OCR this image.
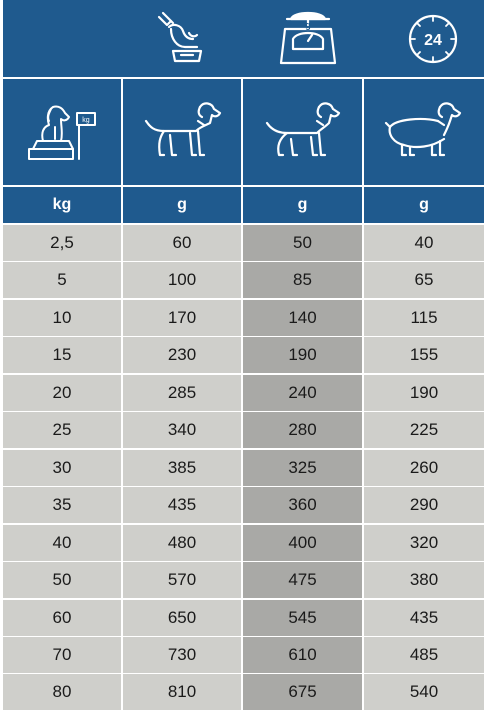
g
24
kg
kg	g	g	g
2,5	60	50	40
5	100	85	65
10	170	140	115
15	230	190	155
20	285	240	190
25	340	280	225
30	385	325	260
35	435	360	290
40	480	400	320
50	570	475	380
60	650	545	435
70	730	610	485
80	810	675	540
